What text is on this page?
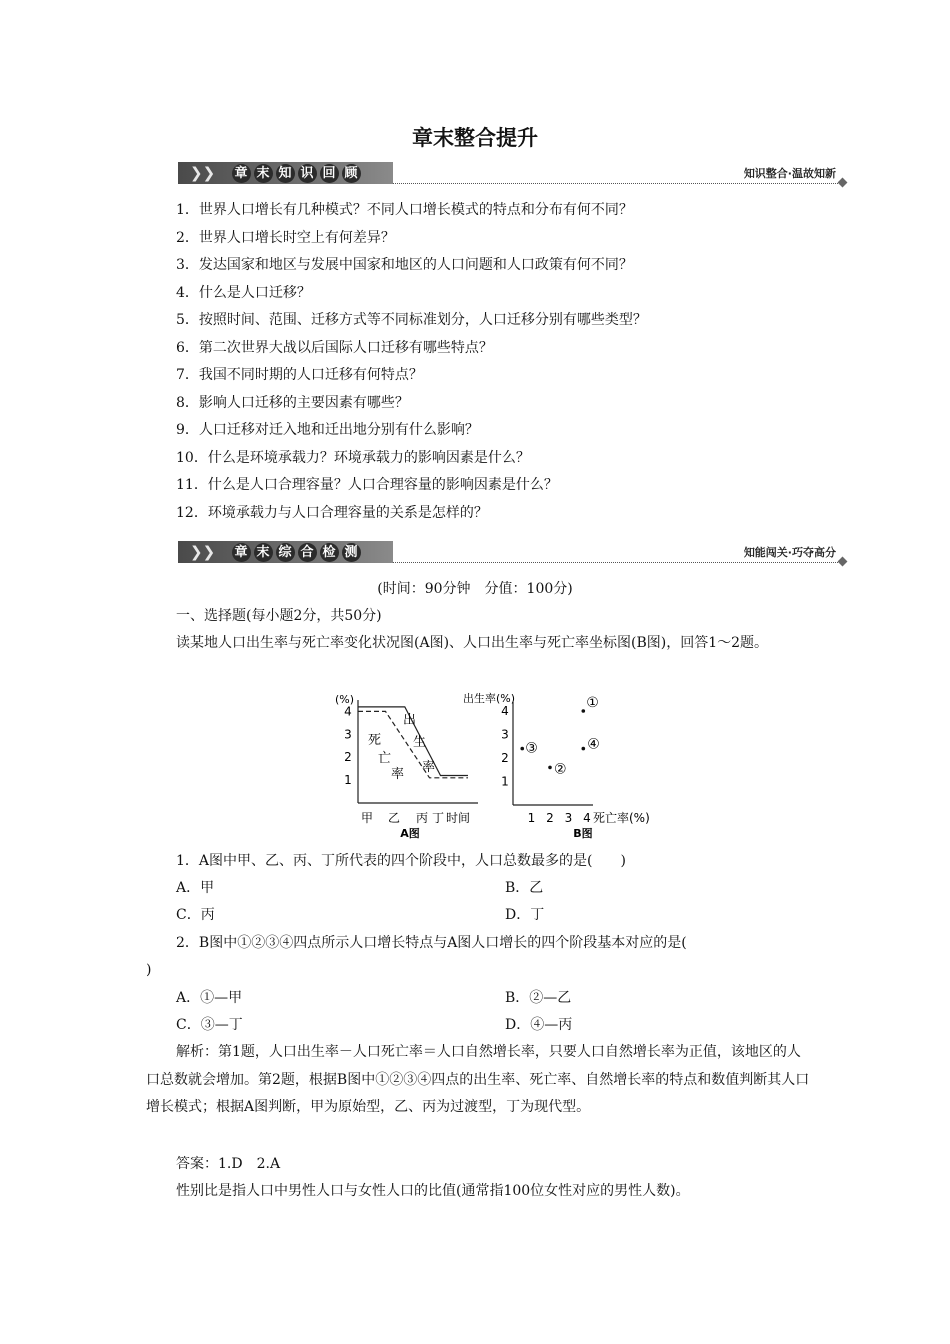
章末整合提升
❯❯ 章 末 知 识 回 顾	知识整合·温故知新
1．世界人口增长有几种模式？不同人口增长模式的特点和分布有何不同？
2．世界人口增长时空上有何差异？
3．发达国家和地区与发展中国家和地区的人口问题和人口政策有何不同？
4．什么是人口迁移？
5．按照时间、范围、迁移方式等不同标准划分，人口迁移分别有哪些类型？
6．第二次世界大战以后国际人口迁移有哪些特点？
7．我国不同时期的人口迁移有何特点？
8．影响人口迁移的主要因素有哪些？
9．人口迁移对迁入地和迁出地分别有什么影响？
10．什么是环境承载力？环境承载力的影响因素是什么？
11．什么是人口合理容量？人口合理容量的影响因素是什么？
12．环境承载力与人口合理容量的关系是怎样的？
❯❯ 章 末 综 合 检 测	知能闯关·巧夺高分
(时间：90分钟　分值：100分)
一、选择题(每小题2分，共50分)
读某地人口出生率与死亡率变化状况图(A图)、人口出生率与死亡率坐标图(B图)，回答1～2题。
(%)
1
2
3
4
出
生
率
死
亡
率
甲 乙 丙 丁 时间
A图
出生率(%)
1
2
3
4
1 2 3 4 死亡率(%)
B图
①
②
③	④
1．A图中甲、乙、丙、丁所代表的四个阶段中，人口总数最多的是(　　)
A．甲	B．乙
C．丙	D．丁
2．B图中①②③④四点所示人口增长特点与A图人口增长的四个阶段基本对应的是(
)
A．①—甲	B．②—乙
C．③—丁	D．④—丙
解析：第1题，人口出生率－人口死亡率＝人口自然增长率，只要人口自然增长率为正值，该地区的人口总数就会增加。第2题，根据B图中①②③④四点的出生率、死亡率、自然增长率的特点和数值判断其人口增长模式；根据A图判断，甲为原始型，乙、丙为过渡型，丁为现代型。
答案：1.D　2.A
性别比是指人口中男性人口与女性人口的比值(通常指100位女性对应的男性人数)。
